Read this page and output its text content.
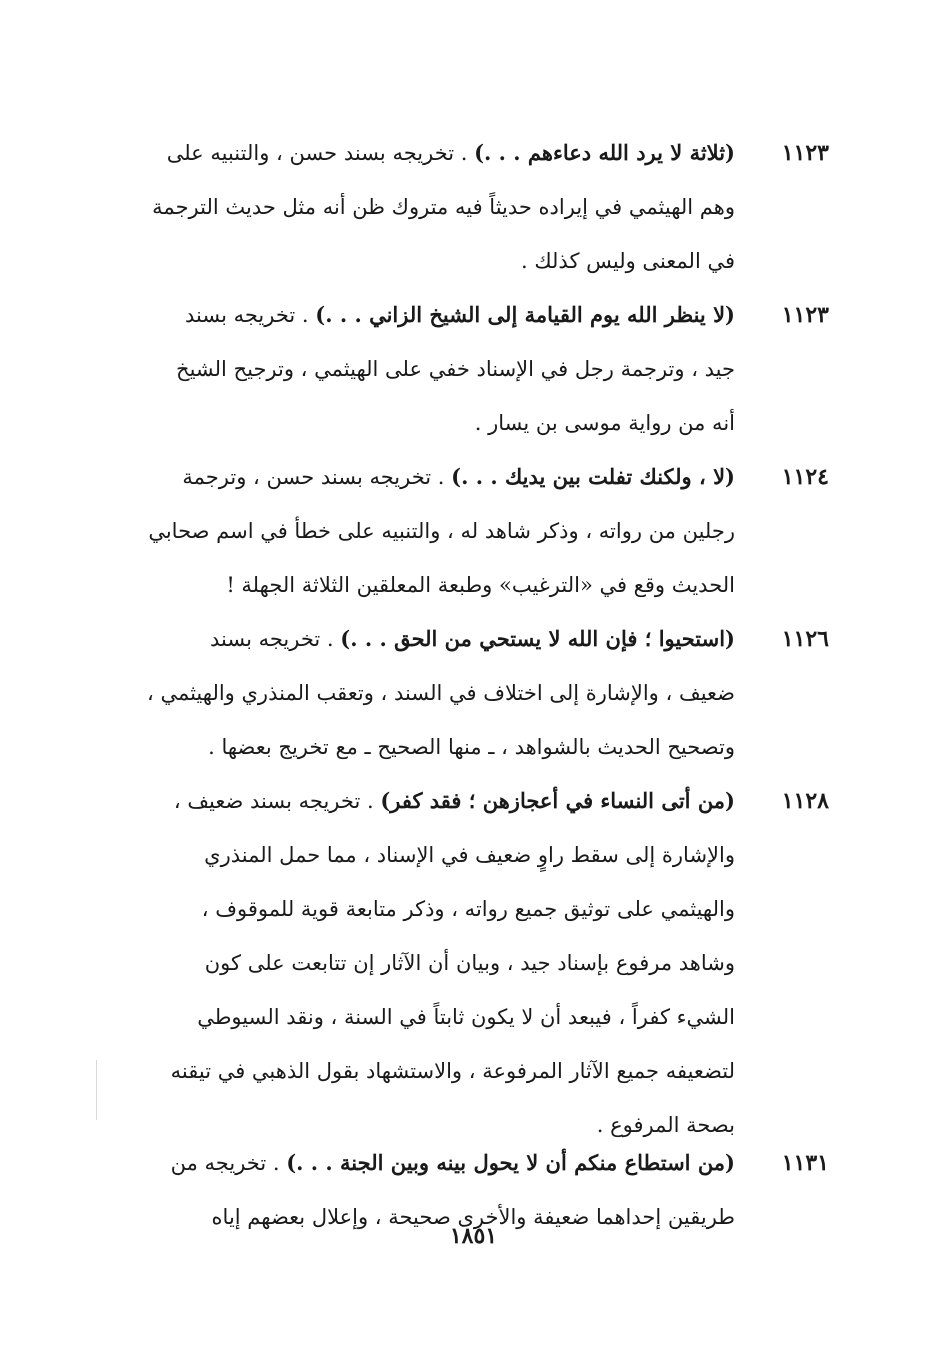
١١٢٣
(ثلاثة لا يرد الله دعاءهم . . .) . تخريجه بسند حسن ، والتنبيه على
وهم الهيثمي في إيراده حديثاً فيه متروك ظن أنه مثل حديث الترجمة
في المعنى وليس كذلك .
١١٢٣
(لا ينظر الله يوم القيامة إلى الشيخ الزاني . . .) . تخريجه بسند
جيد ، وترجمة رجل في الإسناد خفي على الهيثمي ، وترجيح الشيخ
أنه من رواية موسى بن يسار .
١١٢٤
(لا ، ولكنك تفلت بين يديك . . .) . تخريجه بسند حسن ، وترجمة
رجلين من رواته ، وذكر شاهد له ، والتنبيه على خطأ في اسم صحابي
الحديث وقع في «الترغيب» وطبعة المعلقين الثلاثة الجهلة !
١١٢٦
(استحيوا ؛ فإن الله لا يستحي من الحق . . .) . تخريجه بسند
ضعيف ، والإشارة إلى اختلاف في السند ، وتعقب المنذري والهيثمي ،
وتصحيح الحديث بالشواهد ، ـ منها الصحيح ـ مع تخريج بعضها .
١١٢٨
(من أتى النساء في أعجازهن ؛ فقد كفر) . تخريجه بسند ضعيف ،
والإشارة إلى سقط راوٍ ضعيف في الإسناد ، مما حمل المنذري
والهيثمي على توثيق جميع رواته ، وذكر متابعة قوية للموقوف ،
وشاهد مرفوع بإسناد جيد ، وبيان أن الآثار إن تتابعت على كون
الشيء كفراً ، فيبعد أن لا يكون ثابتاً في السنة ، ونقد السيوطي
لتضعيفه جميع الآثار المرفوعة ، والاستشهاد بقول الذهبي في تيقنه
بصحة المرفوع .
١١٣١
(من استطاع منكم أن لا يحول بينه وبين الجنة . . .) . تخريجه من
طريقين إحداهما ضعيفة والأخرى صحيحة ، وإعلال بعضهم إياه
١٨٥١
